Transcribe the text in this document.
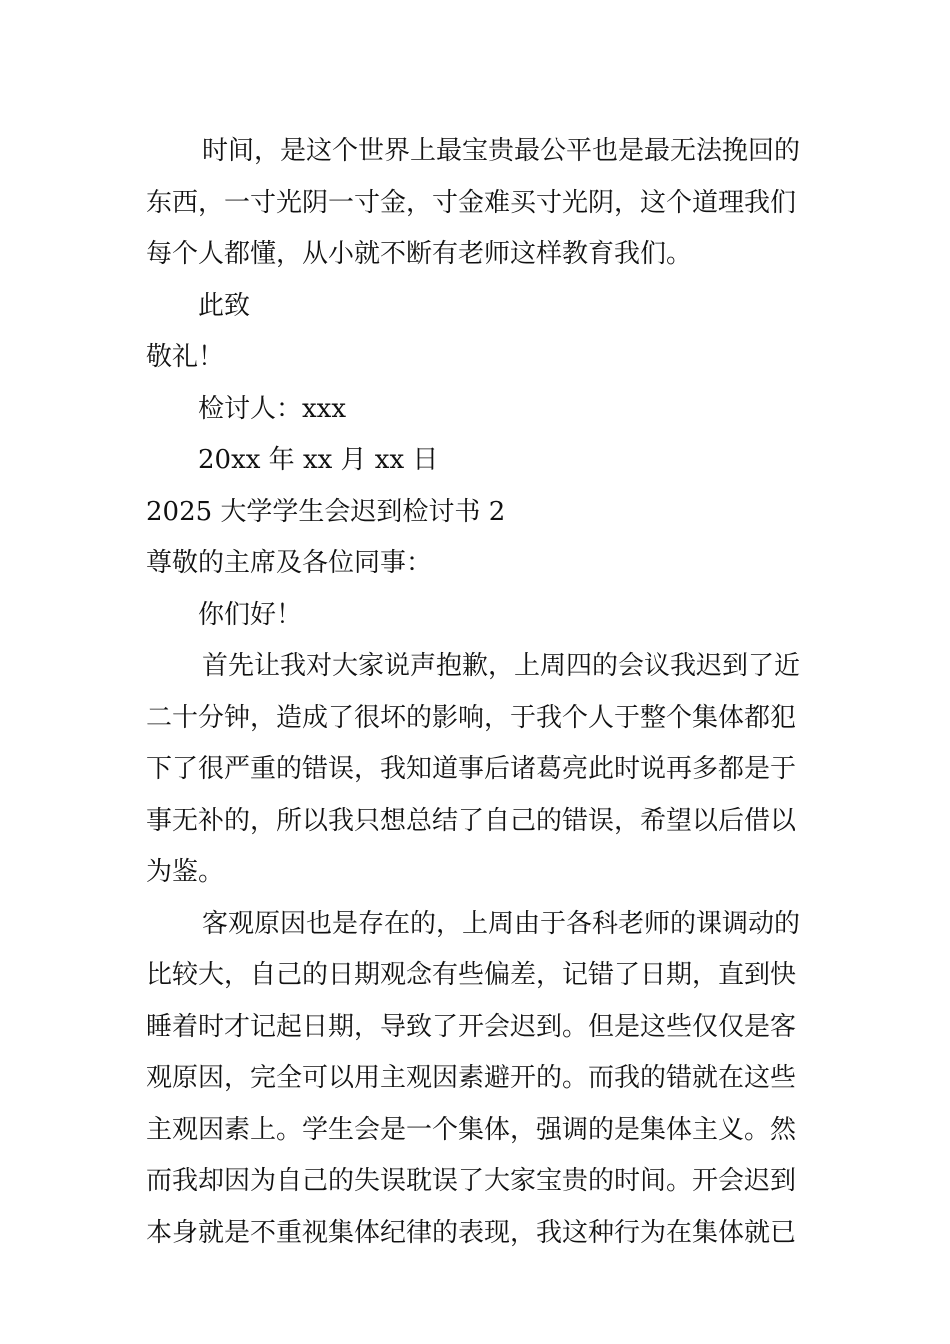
时间，是这个世界上最宝贵最公平也是最无法挽回的
东西，一寸光阴一寸金，寸金难买寸光阴，这个道理我们
每个人都懂，从小就不断有老师这样教育我们。
此致
敬礼！
检讨人：xxx
20xx 年 xx 月 xx 日
2025 大学学生会迟到检讨书 2
尊敬的主席及各位同事：
你们好！
首先让我对大家说声抱歉，上周四的会议我迟到了近
二十分钟，造成了很坏的影响，于我个人于整个集体都犯
下了很严重的错误，我知道事后诸葛亮此时说再多都是于
事无补的，所以我只想总结了自己的错误，希望以后借以
为鉴。
客观原因也是存在的，上周由于各科老师的课调动的
比较大，自己的日期观念有些偏差，记错了日期，直到快
睡着时才记起日期，导致了开会迟到。但是这些仅仅是客
观原因，完全可以用主观因素避开的。而我的错就在这些
主观因素上。学生会是一个集体，强调的是集体主义。然
而我却因为自己的失误耽误了大家宝贵的时间。开会迟到
本身就是不重视集体纪律的表现，我这种行为在集体就已
